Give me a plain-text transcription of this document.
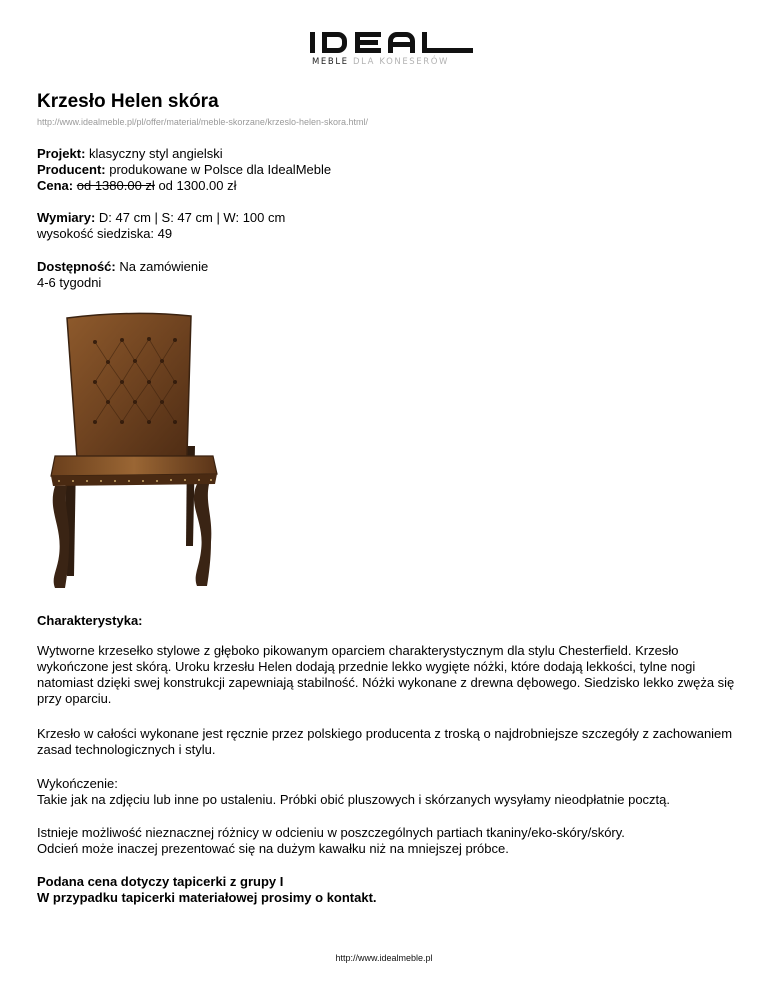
MEBLE DLA KONESERÓW
Krzesło Helen skóra
http://www.idealmeble.pl/pl/offer/material/meble-skorzane/krzeslo-helen-skora.html/
Projekt: klasyczny styl angielski
Producent: produkowane w Polsce dla IdealMeble
Cena: od 1380.00 zł od 1300.00 zł
Wymiary: D: 47 cm | S: 47 cm | W: 100 cm
wysokość siedziska: 49
Dostępność: Na zamówienie
4-6 tygodni
Charakterystyka:

Wytworne krzesełko stylowe z głęboko pikowanym oparciem charakterystycznym dla stylu Chesterfield. Krzesło wykończone jest skórą. Uroku krzesłu Helen dodają przednie lekko wygięte nóżki, które dodają lekkości, tylne nogi natomiast dzięki swej konstrukcji zapewniają stabilność. Nóżki wykonane z drewna dębowego. Siedzisko lekko zwęża się przy oparciu.

Krzesło w całości wykonane jest ręcznie przez polskiego producenta z troską o najdrobniejsze szczegóły z zachowaniem zasad technologicznych i stylu.

Wykończenie:
Takie jak na zdjęciu lub inne po ustaleniu. Próbki obić pluszowych i skórzanych wysyłamy nieodpłatnie pocztą.
Istnieje możliwość nieznacznej różnicy w odcieniu w poszczególnych partiach tkaniny/eko-skóry/skóry.
Odcień może inaczej prezentować się na dużym kawałku niż na mniejszej próbce.
Podana cena dotyczy tapicerki z grupy I
W przypadku tapicerki materiałowej prosimy o kontakt.
http://www.idealmeble.pl
